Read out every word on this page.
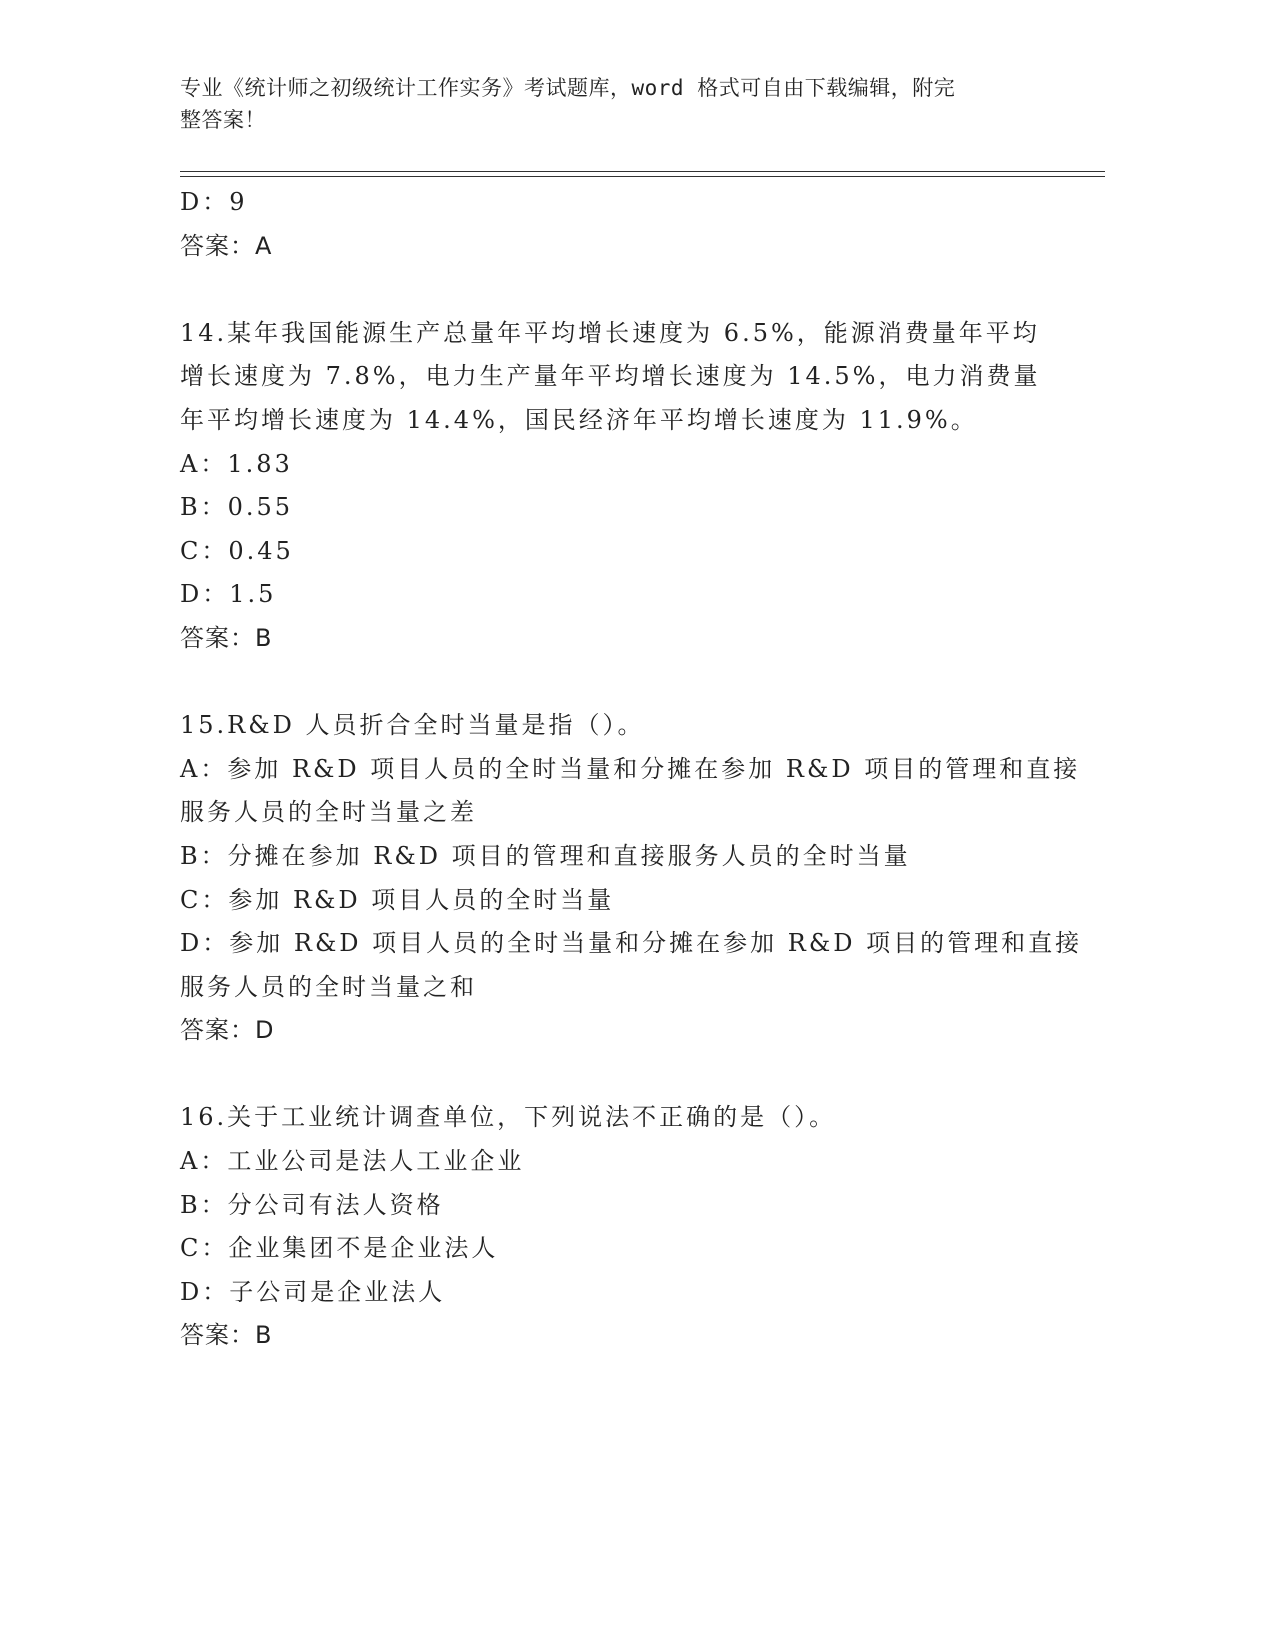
专业《统计师之初级统计工作实务》考试题库，word 格式可自由下载编辑，附完
整答案！
D：9
答案：A
14.某年我国能源生产总量年平均增长速度为 6.5%，能源消费量年平均
增长速度为 7.8%，电力生产量年平均增长速度为 14.5%，电力消费量
年平均增长速度为 14.4%，国民经济年平均增长速度为 11.9%。
A：1.83
B：0.55
C：0.45
D：1.5
答案：B
15.R&D 人员折合全时当量是指（）。
A：参加 R&D 项目人员的全时当量和分摊在参加 R&D 项目的管理和直接
服务人员的全时当量之差
B：分摊在参加 R&D 项目的管理和直接服务人员的全时当量
C：参加 R&D 项目人员的全时当量
D：参加 R&D 项目人员的全时当量和分摊在参加 R&D 项目的管理和直接
服务人员的全时当量之和
答案：D
16.关于工业统计调查单位，下列说法不正确的是（）。
A：工业公司是法人工业企业
B：分公司有法人资格
C：企业集团不是企业法人
D：子公司是企业法人
答案：B
